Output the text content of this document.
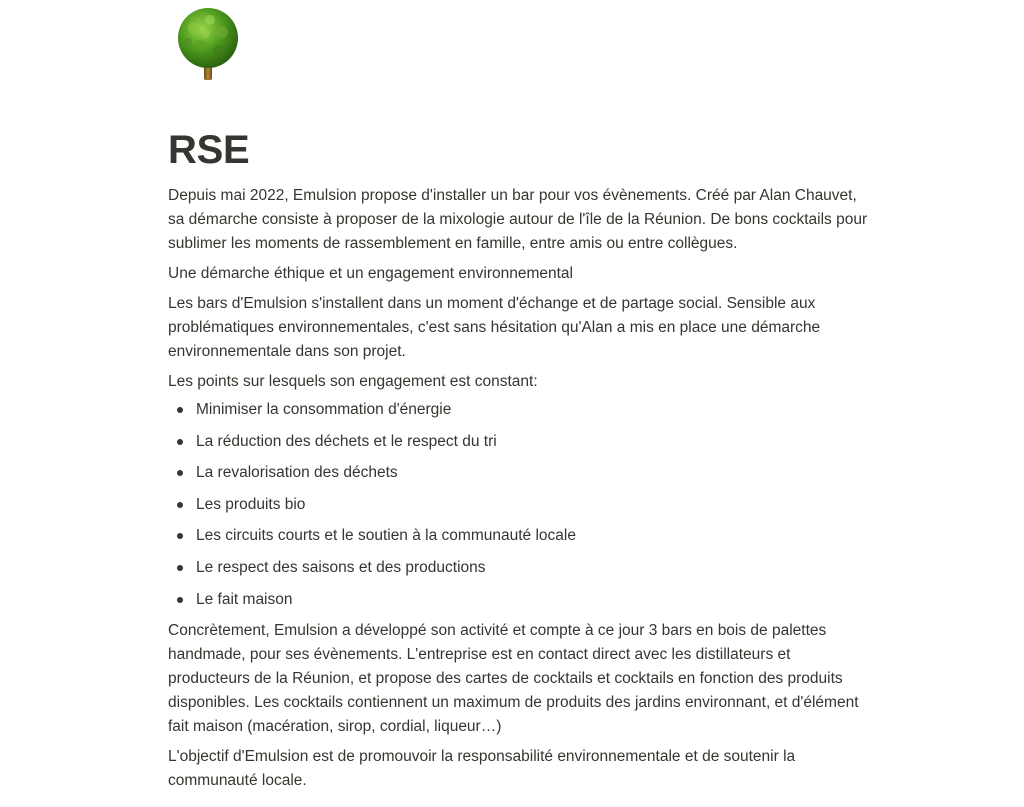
RSE

Depuis mai 2022, Emulsion propose d'installer un bar pour vos évènements. Créé par Alan Chauvet, sa démarche consiste à proposer de la mixologie autour de l'île de la Réunion. De bons cocktails pour sublimer les moments de rassemblement en famille, entre amis ou entre collègues.

Une démarche éthique et un engagement environnemental

Les bars d'Emulsion s'installent dans un moment d'échange et de partage social. Sensible aux problématiques environnementales, c'est sans hésitation qu'Alan a mis en place une démarche environnementale dans son projet.

Les points sur lesquels son engagement est constant:

Minimiser la consommation d'énergie
La réduction des déchets et le respect du tri
La revalorisation des déchets
Les produits bio
Les circuits courts et le soutien à la communauté locale
Le respect des saisons et des productions
Le fait maison

Concrètement, Emulsion a développé son activité et compte à ce jour 3 bars en bois de palettes handmade, pour ses évènements. L'entreprise est en contact direct avec les distillateurs et producteurs de la Réunion, et propose des cartes de cocktails et cocktails en fonction des produits disponibles. Les cocktails contiennent un maximum de produits des jardins environnant, et d'élément fait maison (macération, sirop, cordial, liqueur…)

L'objectif d'Emulsion est de promouvoir la responsabilité environnementale et de soutenir la communauté locale.
